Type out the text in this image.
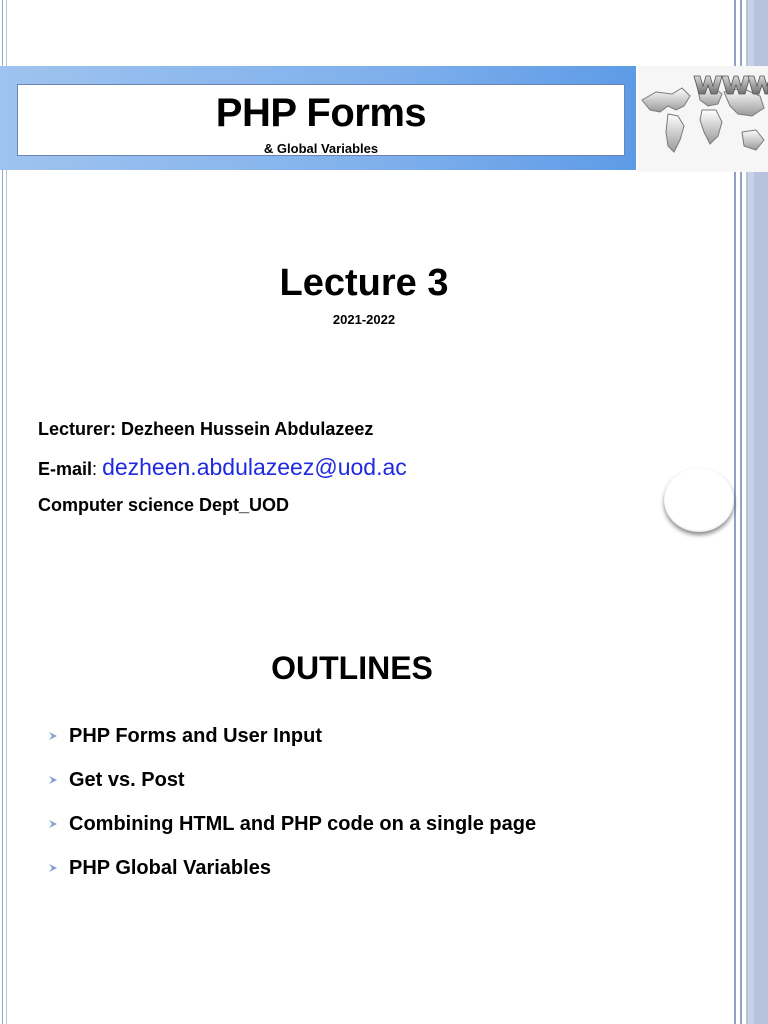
PHP Forms
& Global Variables
Lecture 3
2021-2022
Lecturer: Dezheen Hussein Abdulazeez
E-mail: dezheen.abdulazeez@uod.ac
Computer science Dept_UOD
OUTLINES
PHP Forms and User Input
Get vs. Post
Combining HTML and PHP code on a single page
PHP Global Variables
